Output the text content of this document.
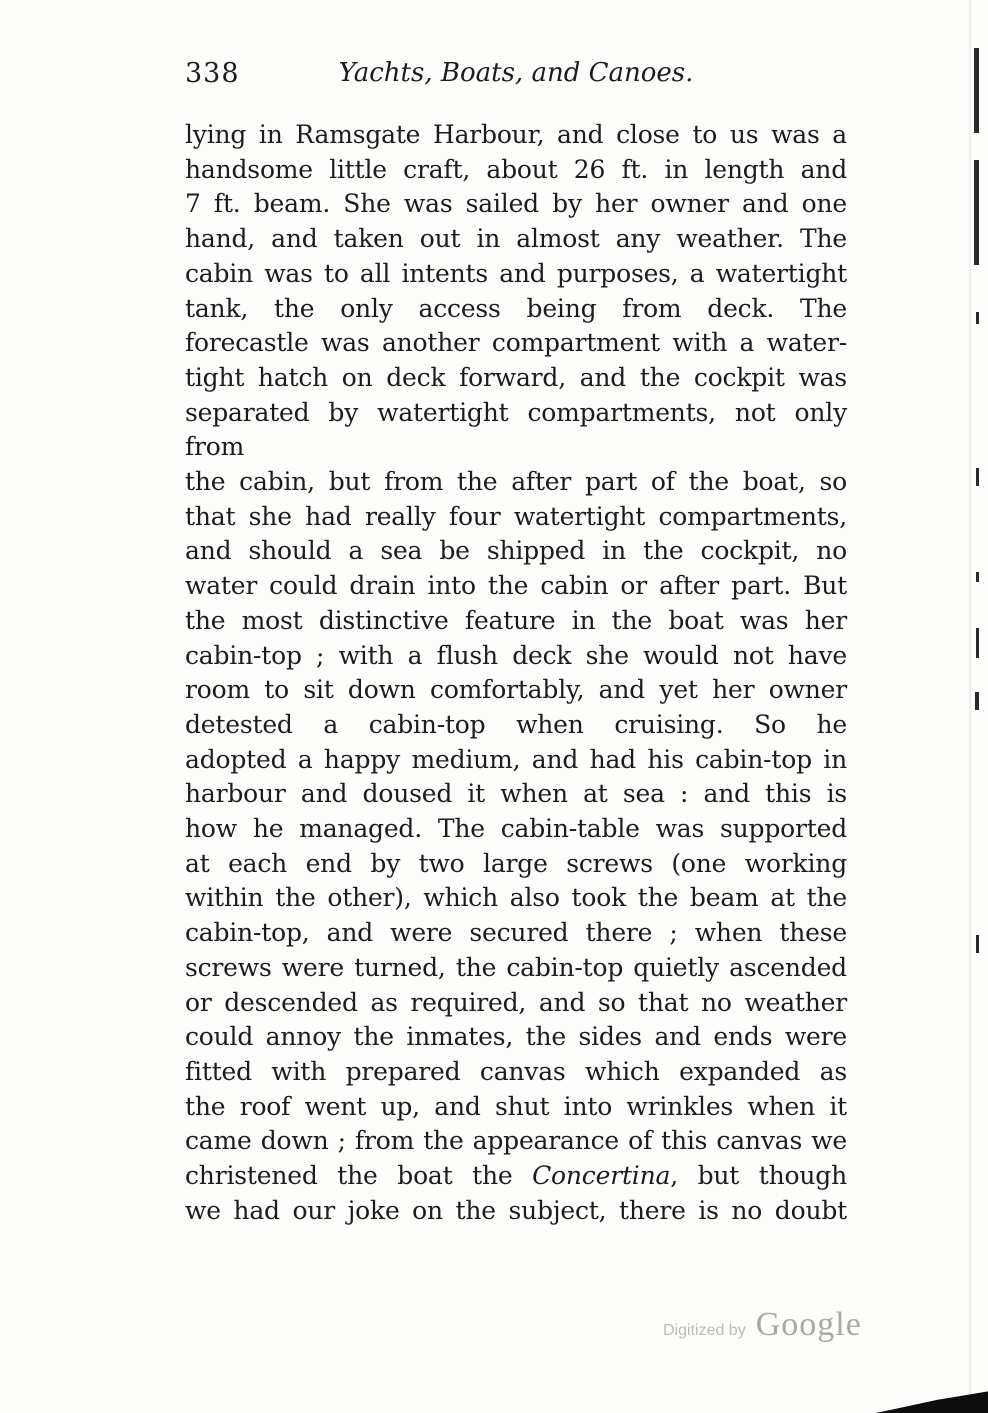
338	Yachts, Boats, and Canoes.
lying in Ramsgate Harbour, and close to us was a
handsome little craft, about 26 ft. in length and
7 ft. beam. She was sailed by her owner and one
hand, and taken out in almost any weather. The
cabin was to all intents and purposes, a watertight
tank, the only access being from deck. The
forecastle was another compartment with a water-
tight hatch on deck forward, and the cockpit was
separated by watertight compartments, not only from
the cabin, but from the after part of the boat, so
that she had really four watertight compartments,
and should a sea be shipped in the cockpit, no
water could drain into the cabin or after part. But
the most distinctive feature in the boat was her
cabin-top ; with a flush deck she would not have
room to sit down comfortably, and yet her owner
detested a cabin-top when cruising. So he
adopted a happy medium, and had his cabin-top in
harbour and doused it when at sea : and this is
how he managed. The cabin-table was supported
at each end by two large screws (one working
within the other), which also took the beam at the
cabin-top, and were secured there ; when these
screws were turned, the cabin-top quietly ascended
or descended as required, and so that no weather
could annoy the inmates, the sides and ends were
fitted with prepared canvas which expanded as
the roof went up, and shut into wrinkles when it
came down ; from the appearance of this canvas we
christened the boat the Concertina, but though
we had our joke on the subject, there is no doubt
Digitized by Google
